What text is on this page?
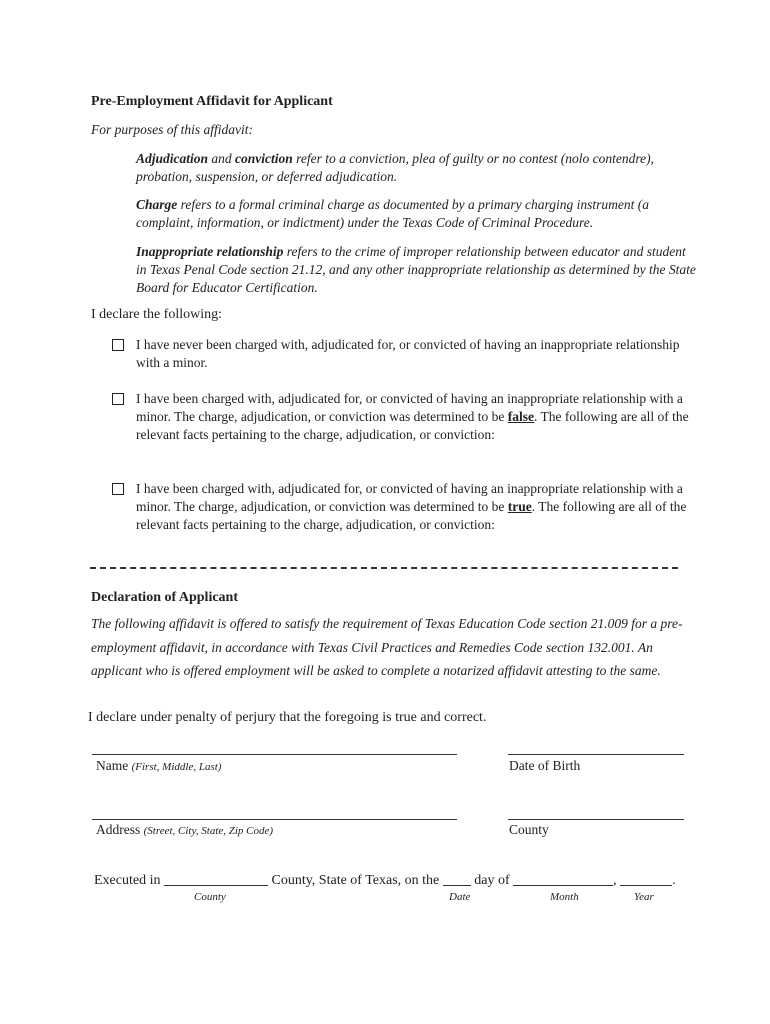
Pre-Employment Affidavit for Applicant
For purposes of this affidavit:
Adjudication and conviction refer to a conviction, plea of guilty or no contest (nolo contendre), probation, suspension, or deferred adjudication.
Charge refers to a formal criminal charge as documented by a primary charging instrument (a complaint, information, or indictment) under the Texas Code of Criminal Procedure.
Inappropriate relationship refers to the crime of improper relationship between educator and student in Texas Penal Code section 21.12, and any other inappropriate relationship as determined by the State Board for Educator Certification.
I declare the following:
I have never been charged with, adjudicated for, or convicted of having an inappropriate relationship with a minor.
I have been charged with, adjudicated for, or convicted of having an inappropriate relationship with a minor. The charge, adjudication, or conviction was determined to be false. The following are all of the relevant facts pertaining to the charge, adjudication, or conviction:
I have been charged with, adjudicated for, or convicted of having an inappropriate relationship with a minor. The charge, adjudication, or conviction was determined to be true. The following are all of the relevant facts pertaining to the charge, adjudication, or conviction:
Declaration of Applicant
The following affidavit is offered to satisfy the requirement of Texas Education Code section 21.009 for a pre-employment affidavit, in accordance with Texas Civil Practices and Remedies Code section 132.001. An applicant who is offered employment will be asked to complete a notarized affidavit attesting to the same.
I declare under penalty of perjury that the foregoing is true and correct.
Name (First, Middle, Last)	Date of Birth
Address (Street, City, State, Zip Code)	County
Executed in	County, State of Texas, on the	day of	,	.
County	Date	Month	Year
